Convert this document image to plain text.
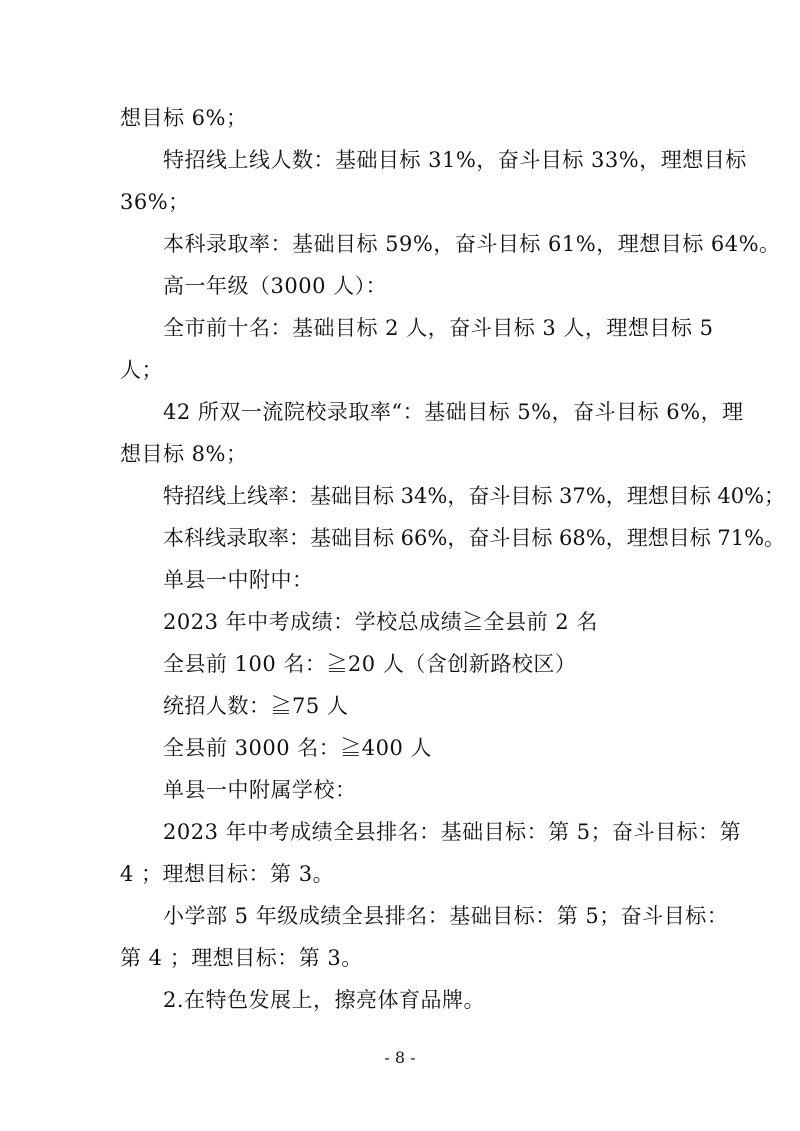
想目标 6%；
特招线上线人数：基础目标 31%，奋斗目标 33%，理想目标
36%；
本科录取率：基础目标 59%，奋斗目标 61%，理想目标 64%。
高一年级（3000 人）：
全市前十名：基础目标 2 人，奋斗目标 3 人，理想目标 5
人；
42 所双一流院校录取率“：基础目标 5%，奋斗目标 6%，理
想目标 8%；
特招线上线率：基础目标 34%，奋斗目标 37%，理想目标 40%；
本科线录取率：基础目标 66%，奋斗目标 68%，理想目标 71%。
单县一中附中：
2023 年中考成绩：学校总成绩≧全县前 2 名
全县前 100 名：≧20 人（含创新路校区）
统招人数：≧75 人
全县前 3000 名：≧400 人
单县一中附属学校：
2023 年中考成绩全县排名：基础目标：第 5；奋斗目标：第
4 ；理想目标：第 3。
小学部 5 年级成绩全县排名：基础目标：第 5；奋斗目标：
第 4 ；理想目标：第 3。
2.在特色发展上，擦亮体育品牌。
- 8 -
